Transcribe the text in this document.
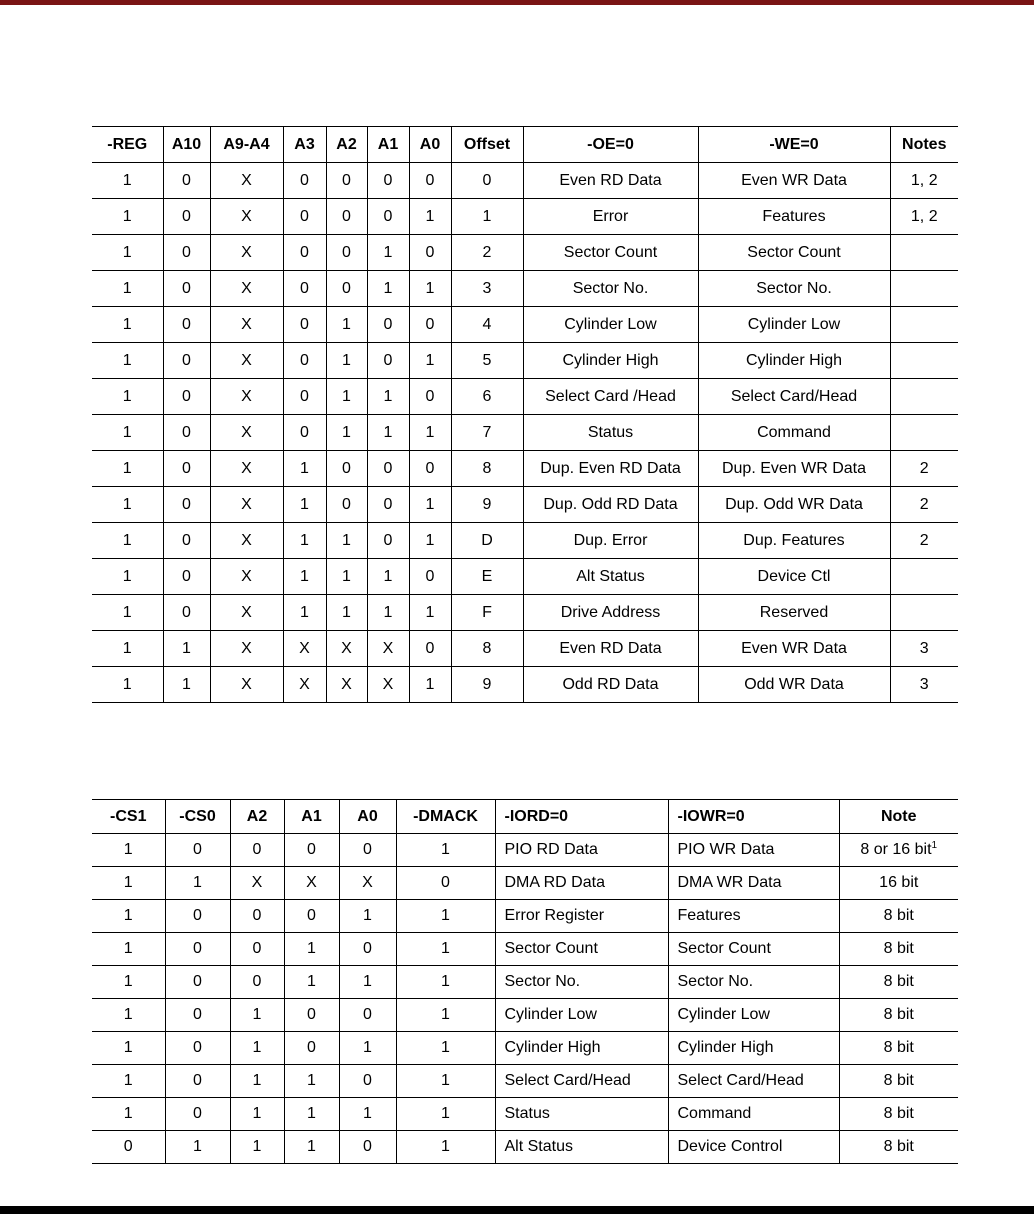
-REG	A10	A9-A4	A3	A2	A1	A0	Offset	-OE=0	-WE=0	Notes
1	0	X	0	0	0	0	0	Even RD Data	Even WR Data	1, 2
1	0	X	0	0	0	1	1	Error	Features	1, 2
1	0	X	0	0	1	0	2	Sector Count	Sector Count	
1	0	X	0	0	1	1	3	Sector No.	Sector No.	
1	0	X	0	1	0	0	4	Cylinder Low	Cylinder Low	
1	0	X	0	1	0	1	5	Cylinder High	Cylinder High	
1	0	X	0	1	1	0	6	Select Card /Head	Select Card/Head	
1	0	X	0	1	1	1	7	Status	Command	
1	0	X	1	0	0	0	8	Dup. Even RD Data	Dup. Even WR Data	2
1	0	X	1	0	0	1	9	Dup. Odd RD Data	Dup. Odd WR Data	2
1	0	X	1	1	0	1	D	Dup. Error	Dup. Features	2
1	0	X	1	1	1	0	E	Alt Status	Device Ctl	
1	0	X	1	1	1	1	F	Drive Address	Reserved	
1	1	X	X	X	X	0	8	Even RD Data	Even WR Data	3
1	1	X	X	X	X	1	9	Odd RD Data	Odd WR Data	3
-CS1	-CS0	A2	A1	A0	-DMACK	-IORD=0	-IOWR=0	Note
1	0	0	0	0	1	PIO RD Data	PIO WR Data	8 or 16 bit$^1$
1	1	X	X	X	0	DMA RD Data	DMA WR Data	16 bit
1	0	0	0	1	1	Error Register	Features	8 bit
1	0	0	1	0	1	Sector Count	Sector Count	8 bit
1	0	0	1	1	1	Sector No.	Sector No.	8 bit
1	0	1	0	0	1	Cylinder Low	Cylinder Low	8 bit
1	0	1	0	1	1	Cylinder High	Cylinder High	8 bit
1	0	1	1	0	1	Select Card/Head	Select Card/Head	8 bit
1	0	1	1	1	1	Status	Command	8 bit
0	1	1	1	0	1	Alt Status	Device Control	8 bit
